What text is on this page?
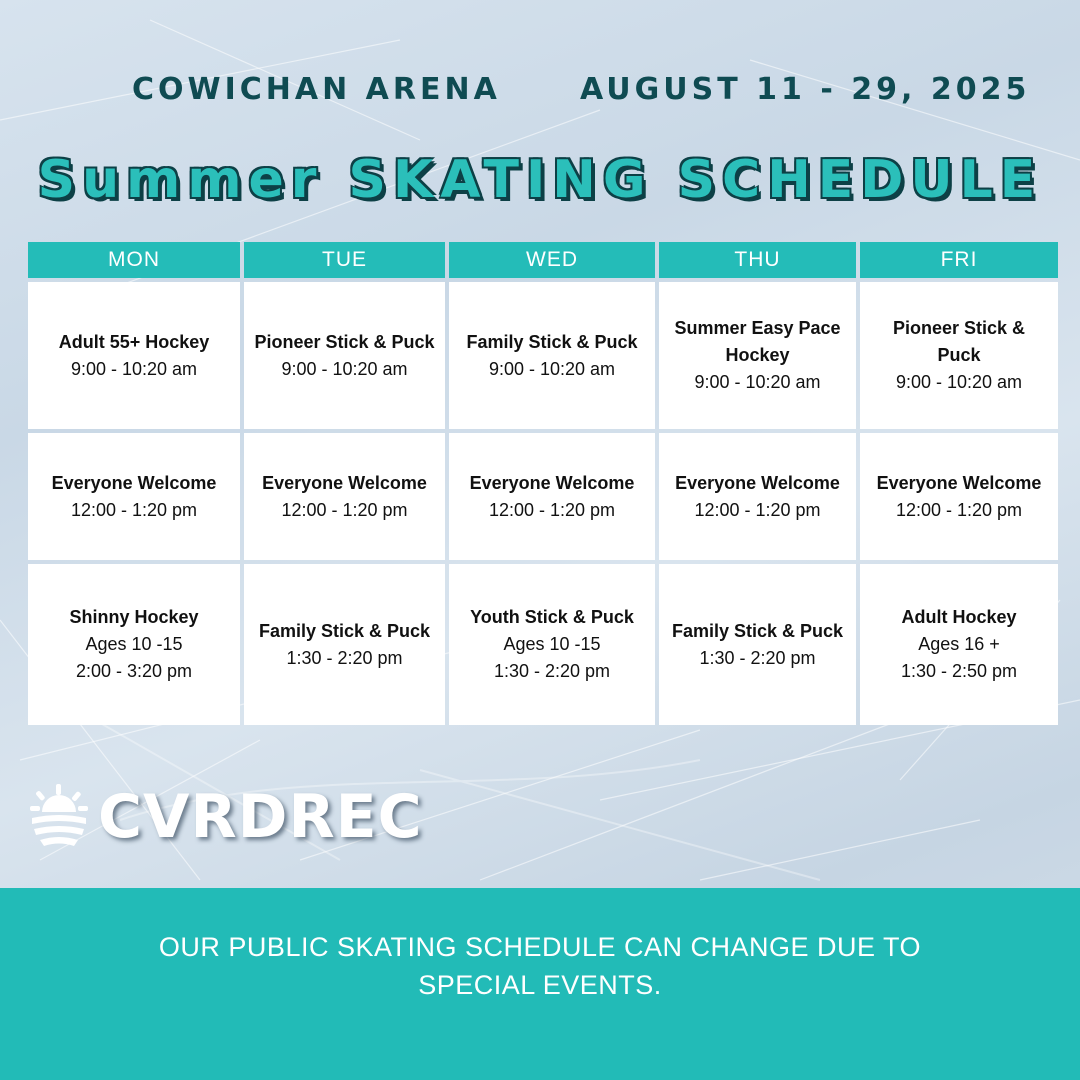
COWICHAN ARENA	AUGUST 11 - 29, 2025
Summer SKATING SCHEDULE
MON
Adult 55+ Hockey
9:00 - 10:20 am
Everyone Welcome
12:00 - 1:20 pm
Shinny Hockey
Ages 10 -15
2:00 - 3:20 pm
TUE
Pioneer Stick & Puck
9:00 - 10:20 am
Everyone Welcome
12:00 - 1:20 pm
Family Stick & Puck
1:30 - 2:20 pm
WED
Family Stick & Puck
9:00 - 10:20 am
Everyone Welcome
12:00 - 1:20 pm
Youth Stick & Puck
Ages 10 -15
1:30 - 2:20 pm
THU
Summer Easy Pace Hockey
9:00 - 10:20 am
Everyone Welcome
12:00 - 1:20 pm
Family Stick & Puck
1:30 - 2:20 pm
FRI
Pioneer Stick & Puck
9:00 - 10:20 am
Everyone Welcome
12:00 - 1:20 pm
Adult Hockey
Ages 16 +
1:30 - 2:50 pm
CVRDREC
OUR PUBLIC SKATING SCHEDULE CAN CHANGE DUE TO SPECIAL EVENTS.
